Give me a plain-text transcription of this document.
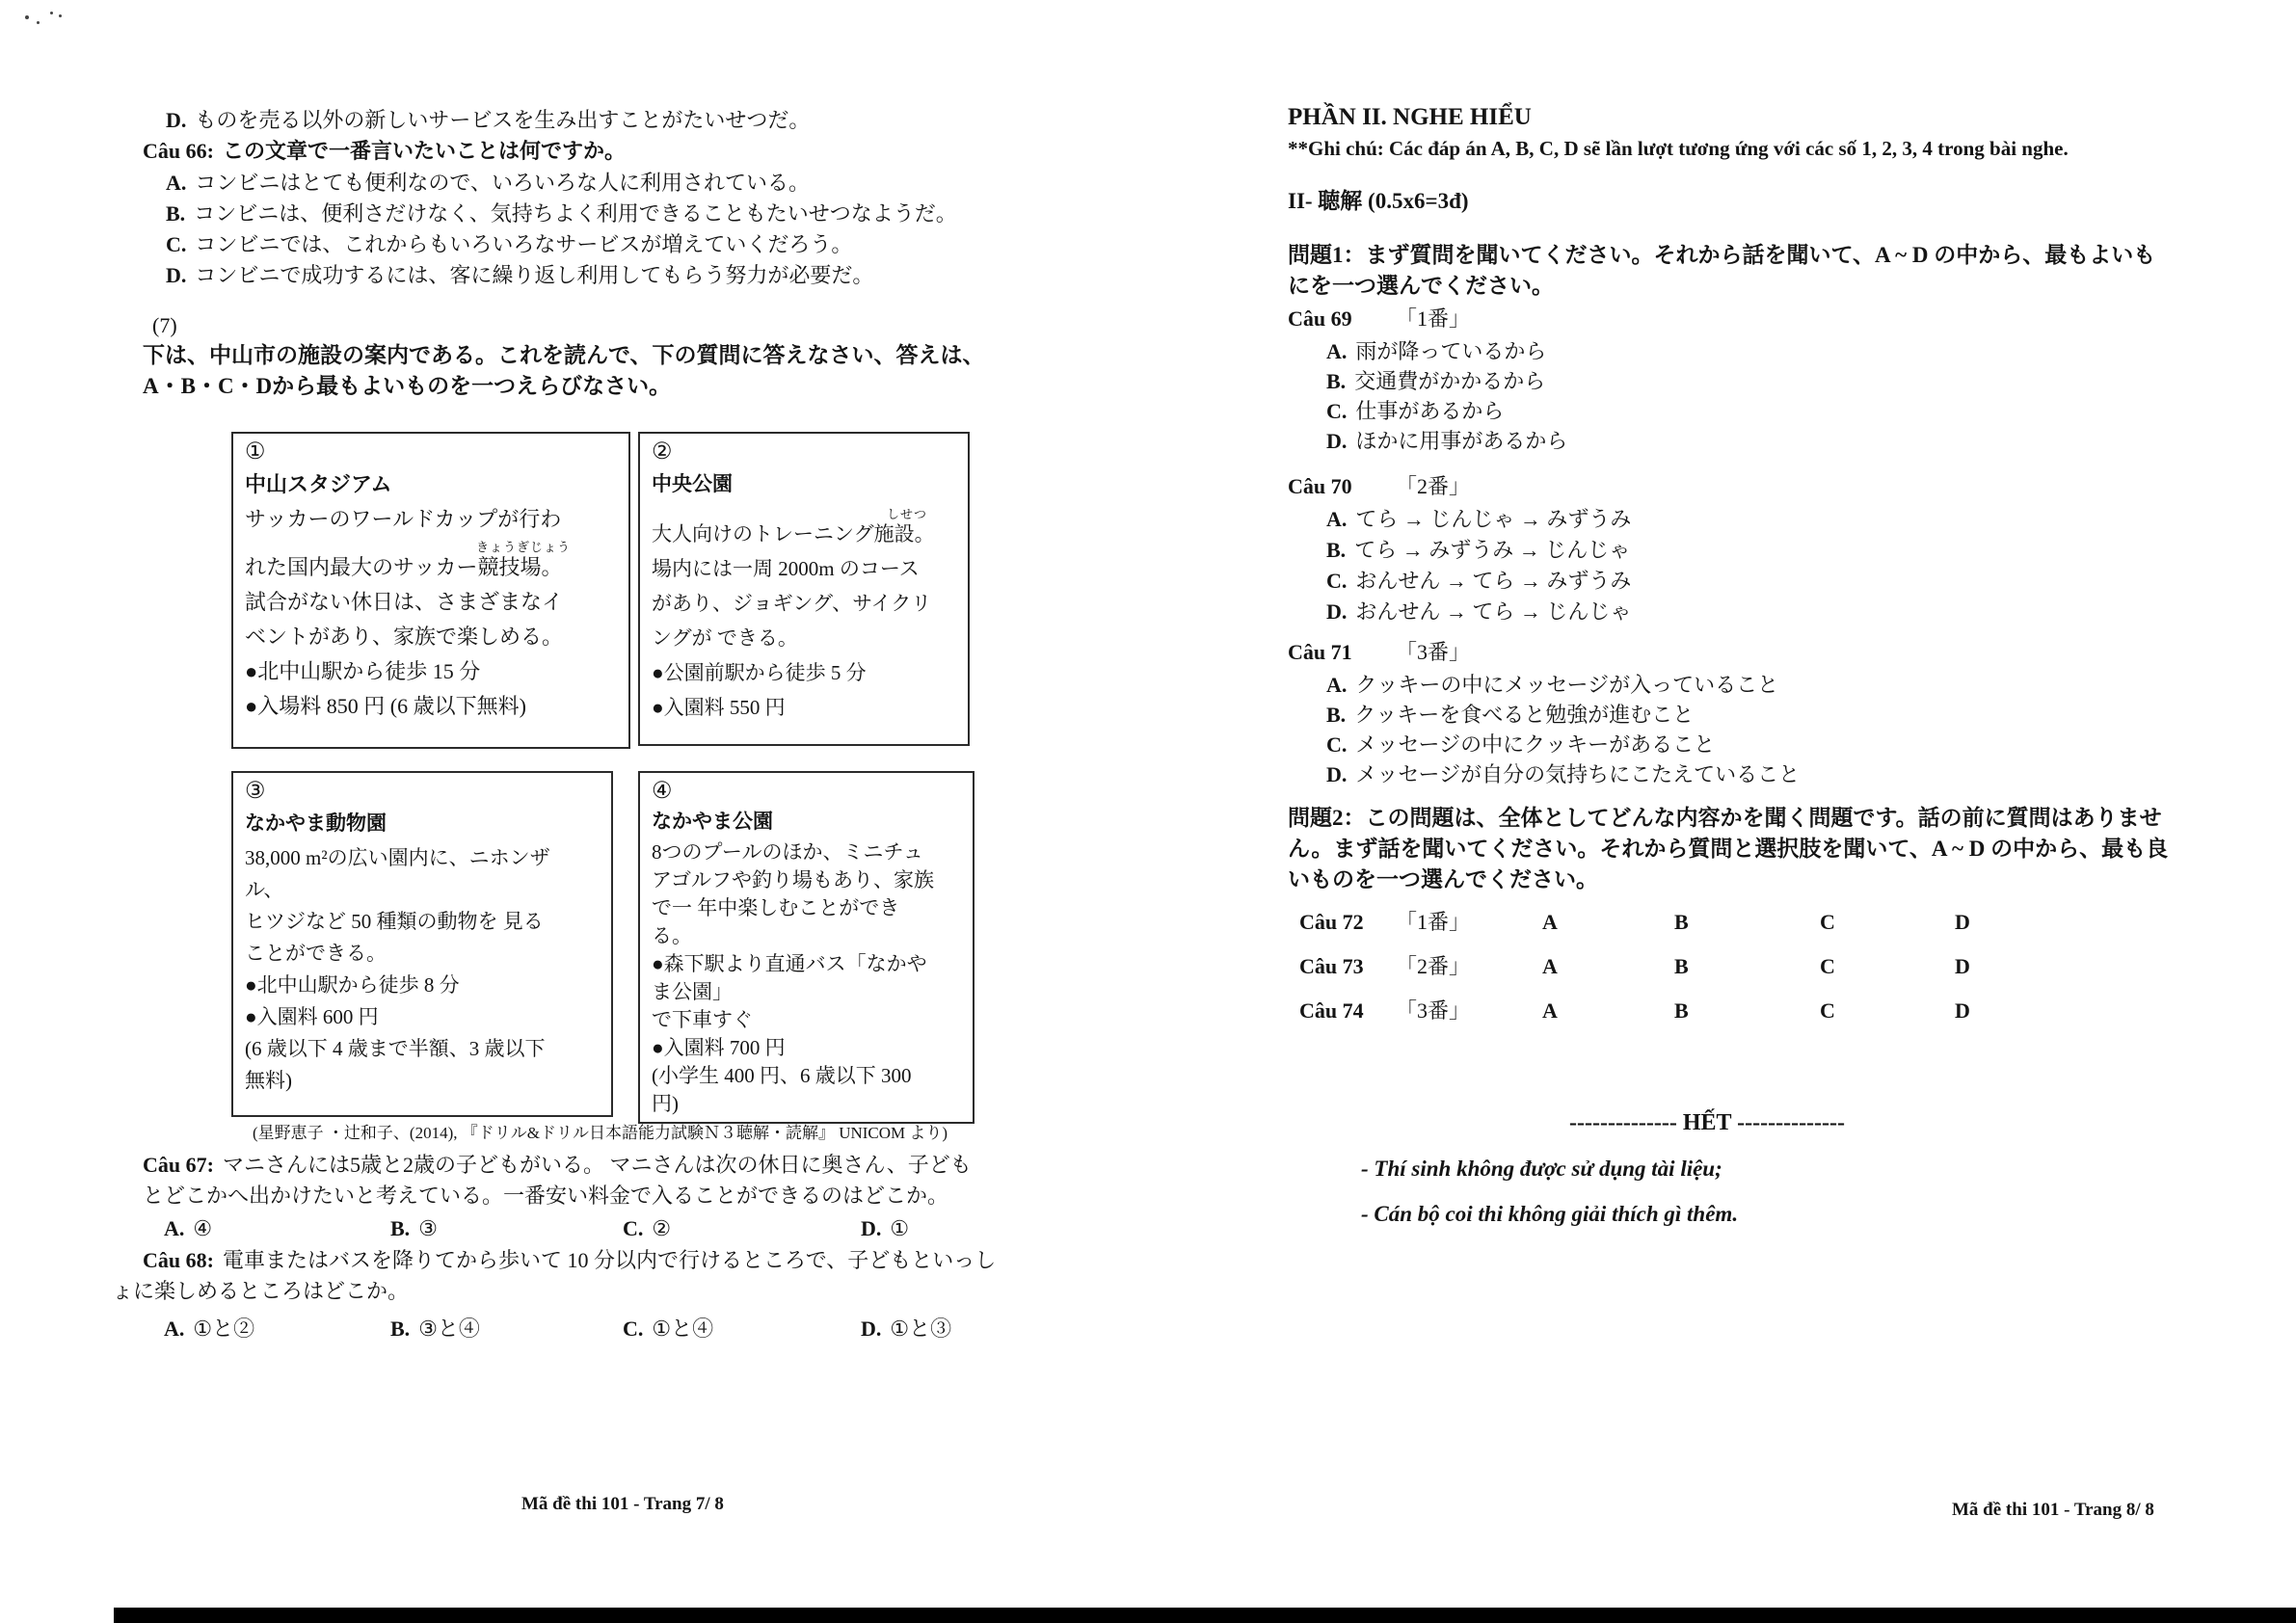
D. ものを売る以外の新しいサービスを生み出すことがたいせつだ。
Câu 66: この文章で一番言いたいことは何ですか。
A. コンビニはとても便利なので、いろいろな人に利用されている。
B. コンビニは、便利さだけなく、気持ちよく利用できることもたいせつなようだ。
C. コンビニでは、これからもいろいろなサービスが増えていくだろう。
D. コンビニで成功するには、客に繰り返し利用してもらう努力が必要だ。
(7)
下は、中山市の施設の案内である。これを読んで、下の質問に答えなさい、答えは、
A・B・C・Dから最もよいものを一つえらびなさい。
①
中山スタジアム
サッカーのワールドカップが行わ
きょうぎじょう
れた国内最大のサッカー競技場。
試合がない休日は、さまざまなイ
ベントがあり、家族で楽しめる。
●北中山駅から徒歩 15 分
●入場料 850 円 (6 歳以下無料)
②
中央公園
しせつ
大人向けのトレーニング施設。
場内には一周 2000m のコース
があり、ジョギング、サイクリ
ングが できる。
●公園前駅から徒歩 5 分
●入園料 550 円
③
なかやま動物園
38,000 m²の広い園内に、ニホンザ
ル、
ヒツジなど 50 種類の動物を 見る
ことができる。
●北中山駅から徒歩 8 分
●入園料 600 円
(6 歳以下 4 歳まで半額、3 歳以下
無料)
④
なかやま公園
8つのプールのほか、ミニチュ
アゴルフや釣り場もあり、家族
で一 年中楽しむことができ
る。
●森下駅より直通バス「なかや
ま公園」
で下車すぐ
●入園料 700 円
(小学生 400 円、6 歳以下 300
円)
(星野恵子 ・辻和子、(2014), 『ドリル&ドリル日本語能力試験Ｎ３聴解・読解』 UNICOM より)
Câu 67: マニさんには5歳と2歳の子どもがいる。 マニさんは次の休日に奥さん、子ども
とどこかへ出かけたいと考えている。一番安い料金で入ることができるのはどこか。
A. ④	B. ③	C. ②	D. ①
Câu 68: 電車またはバスを降りてから歩いて 10 分以内で行けるところで、子どもといっし
ょに楽しめるところはどこか。
A. ①と②	B. ③と④	C. ①と④	D. ①と③
Mã đề thi 101 - Trang 7/ 8
PHẦN II. NGHE HIỂU
**Ghi chú: Các đáp án A, B, C, D sẽ lần lượt tương ứng với các số 1, 2, 3, 4 trong bài nghe.
II- 聴解 (0.5x6=3đ)
問題1：まず質問を聞いてください。それから話を聞いて、A ~ D の中から、最もよいも
にを一つ選んでください。
Câu 69 「1番」
A. 雨が降っているから
B. 交通費がかかるから
C. 仕事があるから
D. ほかに用事があるから
Câu 70 「2番」
A. てら → じんじゃ → みずうみ
B. てら → みずうみ → じんじゃ
C. おんせん → てら → みずうみ
D. おんせん → てら → じんじゃ
Câu 71 「3番」
A. クッキーの中にメッセージが入っていること
B. クッキーを食べると勉強が進むこと
C. メッセージの中にクッキーがあること
D. メッセージが自分の気持ちにこたえていること
問題2：この問題は、全体としてどんな内容かを聞く問題です。話の前に質問はありませ
ん。まず話を聞いてください。それから質問と選択肢を聞いて、A ~ D の中から、最も良
いものを一つ選んでください。
Câu 72 「1番」	A	B	C	D
Câu 73 「2番」	A	B	C	D
Câu 74 「3番」	A	B	C	D
-------------- HẾT --------------
- Thí sinh không được sử dụng tài liệu;
- Cán bộ coi thi không giải thích gì thêm.
Mã đề thi 101 - Trang 8/ 8
